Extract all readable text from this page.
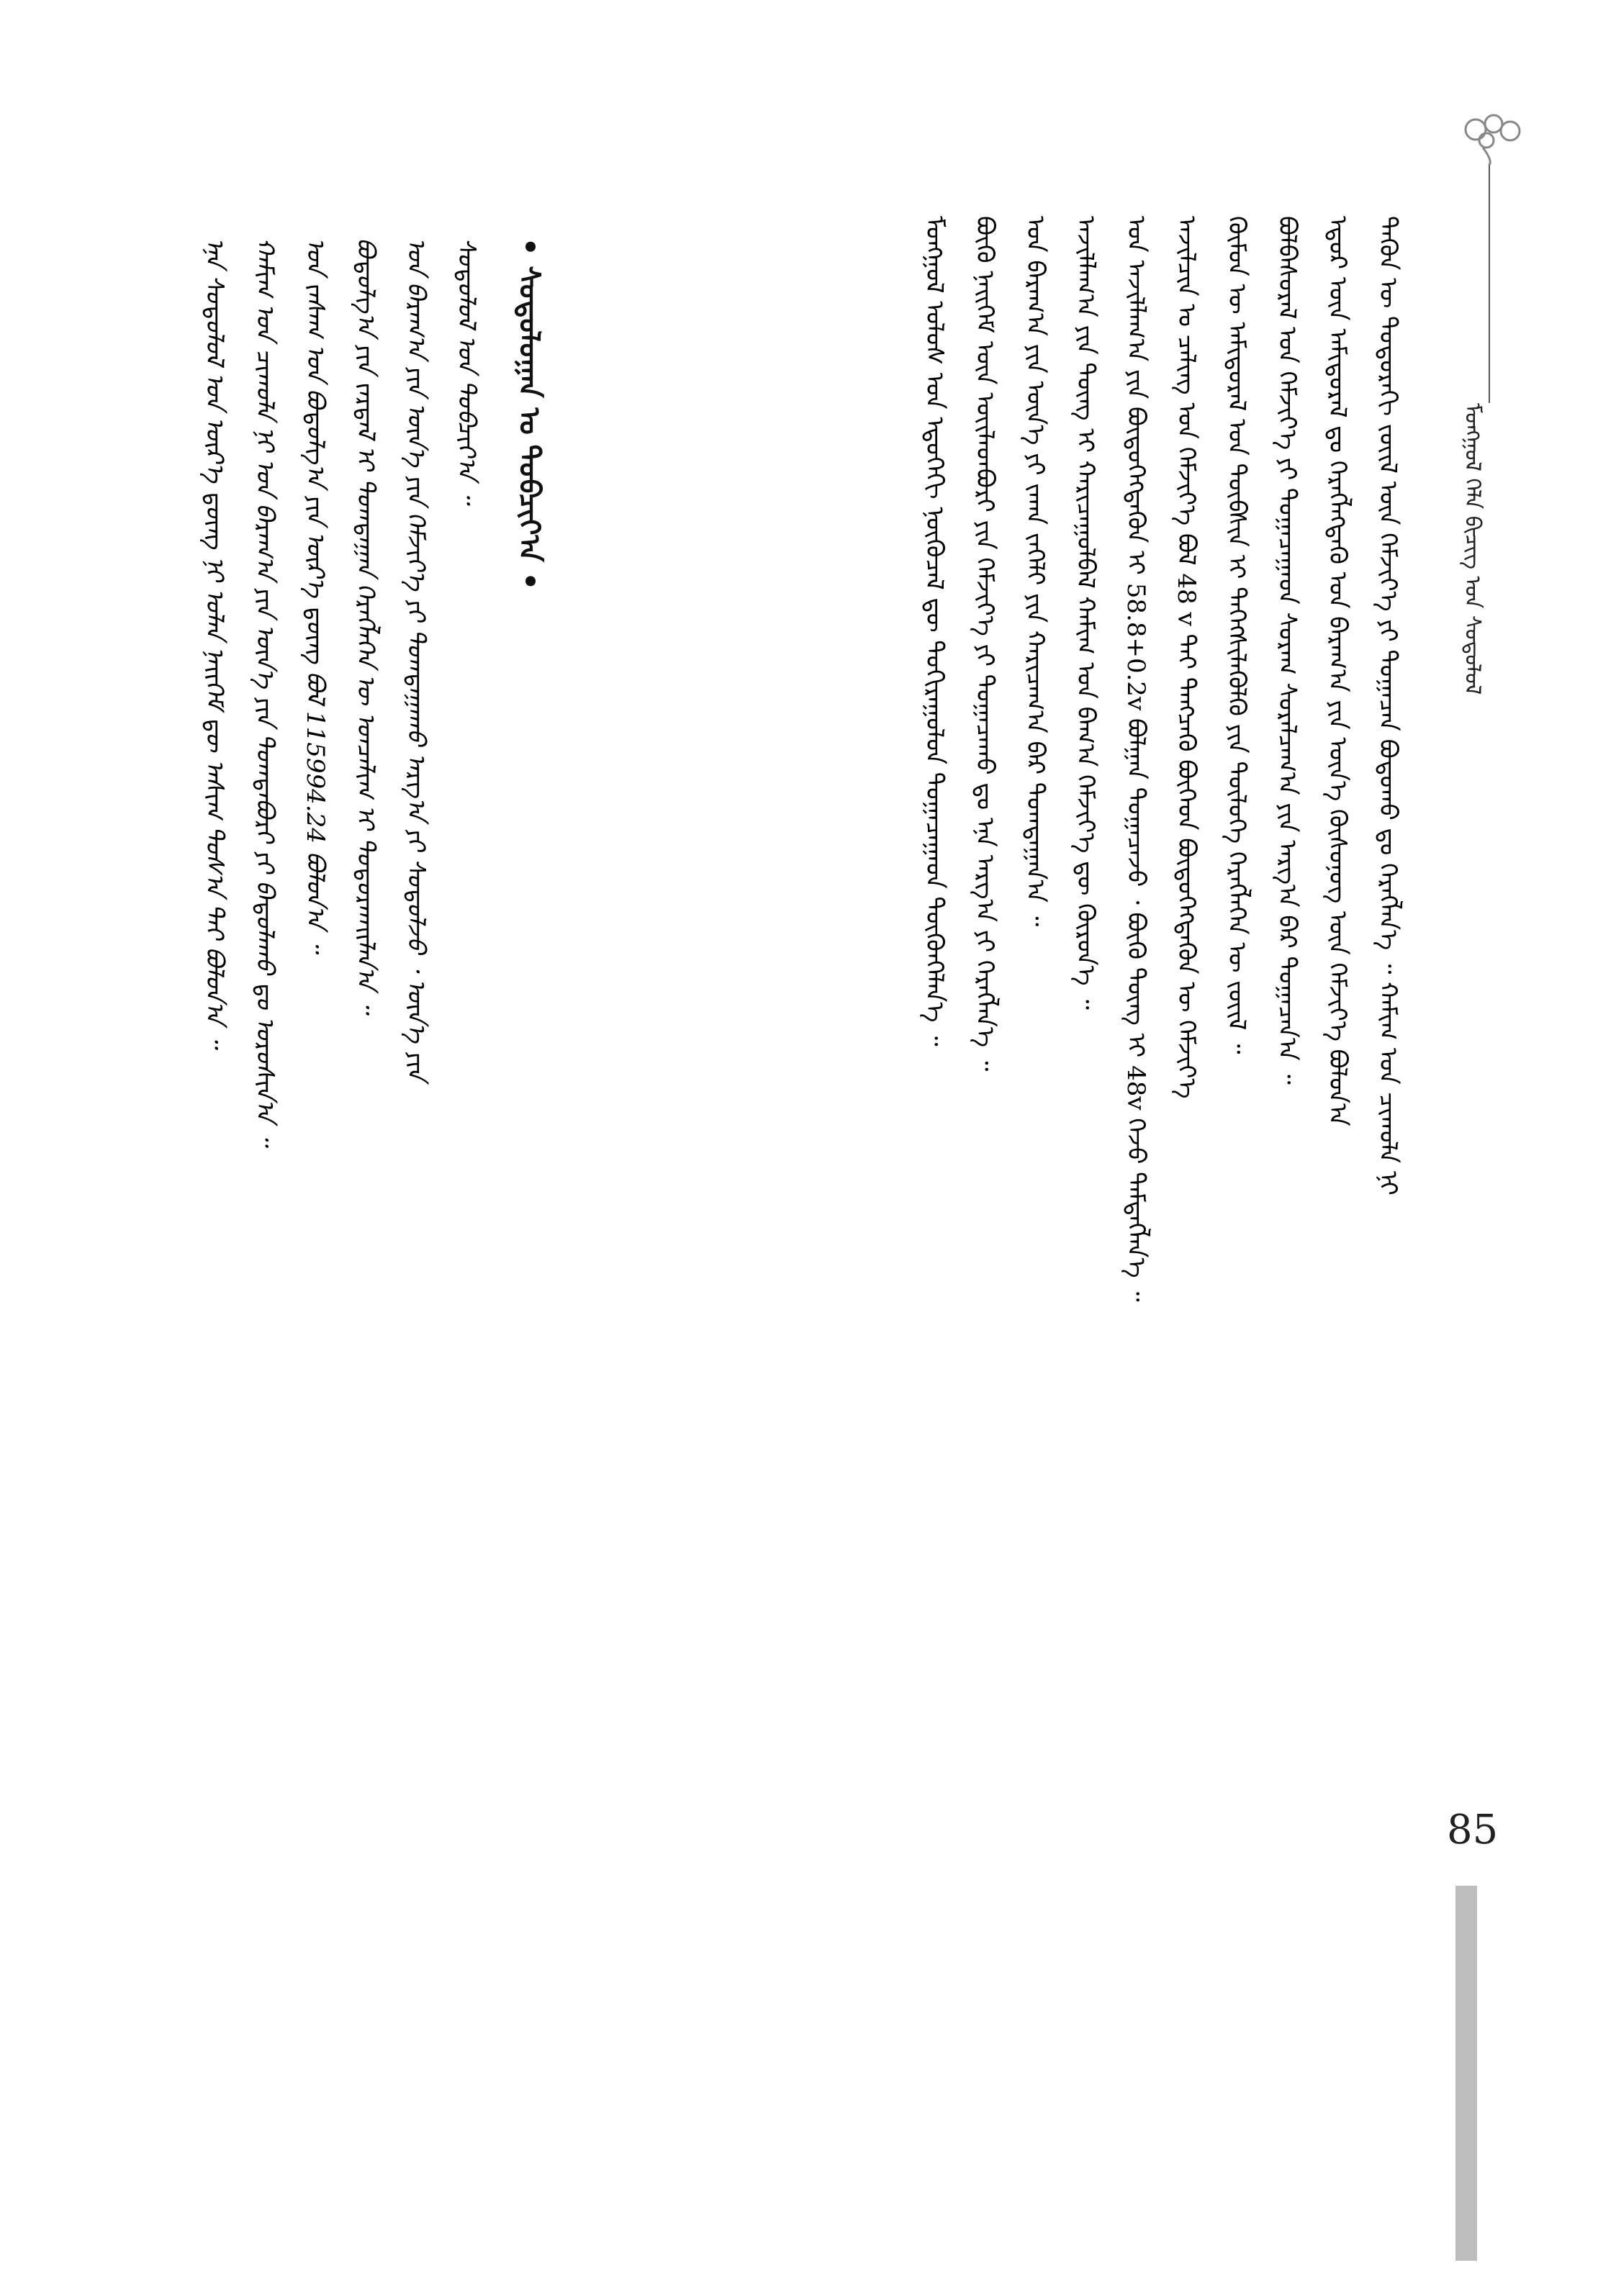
ᠮᠣᠩᠭᠣᠯ ᠬᠡᠯᠡ ᠪᠢᠴᠢᠭ ᠤᠨ ᠰᠤᠳᠤᠯᠤᠯ
ᠲᠡᠭᠦᠨ ᠦ ᠳᠣᠲᠣᠷᠠᠬᠢ ᠵᠦᠢᠯ ᠦᠨ ᠬᠡᠮᠵᠢᠶ᠎ᠡ ᠶᠢ ᠲᠣᠭᠠᠴᠠᠨ ᠪᠣᠳᠣᠬᠤ ᠳᠤ ᠬᠡᠷᠡᠭᠯᠡᠨ᠎ᠡ ᠃ ᠬᠠᠮᠢᠭ ᠤᠨ ᠴᠢᠬᠤᠯᠠ ᠨᠢ
ᠡᠳᠦᠷ ᠦᠨ ᠠᠮᠢᠳᠤᠷᠠᠯ ᠳᠤ ᠬᠡᠷᠡᠭᠯᠡᠭᠳᠡᠬᠦ ᠡᠳ ᠪᠠᠷᠠᠭ᠎ᠠ ᠶᠢᠨ ᠦᠨ᠎ᠡ ᠬᠦᠰᠦᠨᠦᠭ ᠦᠨ ᠬᠡᠮᠵᠢᠶ᠎ᠡ ᠪᠣᠯᠤᠨ᠎ᠠ
ᠪᠣᠯᠪᠠᠰᠤᠷᠠᠯ ᠤᠨ ᠬᠡᠮᠵᠢᠶ᠎ᠡ ᠶᠢ ᠲᠣᠭᠠᠴᠠᠭᠠᠳ ᠰᠤᠷᠠᠭ ᠰᠤᠷᠠᠯᠴᠠᠭ᠎ᠠ ᠶᠢᠨ ᠠᠷᠭ᠎ᠠ ᠪᠠᠷ ᠲᠣᠭᠠᠴᠠᠨ᠎ᠠ ᠃
ᠬᠦᠮᠦᠨ ᠦ ᠠᠮᠢᠳᠤᠷᠠᠯ ᠤᠨ ᠲᠦᠪᠰᠢᠨ ᠢ ᠳᠡᠭᠡᠭᠰᠢᠯᠡᠭᠦᠯᠬᠦ ᠶᠢᠨ ᠲᠥᠯᠦᠭᠡ ᠬᠡᠷᠡᠭᠯᠡᠭᠡᠨ ᠦ ᠵᠦᠢᠯ ᠃
ᠠᠵᠢᠯᠴᠢᠨ ᠤ ᠴᠠᠯᠢᠩ ᠤᠨ ᠬᠡᠮᠵᠢᠶ᠎ᠡ ᠪᠣᠯ 48 v ᠲᠡᠢ ᠲᠡᠩᠴᠡᠬᠦ ᠪᠥᠭᠡᠳ ᠪᠦᠲᠦᠭᠡᠭᠳᠡᠬᠦᠨ ᠦ ᠬᠡᠮᠵᠢᠶ᠎ᠡ
ᠡᠳ ᠠᠵᠢᠯᠯᠠᠭ᠎ᠠ ᠶᠢᠨ ᠪᠦᠲᠦᠭᠡᠭᠳᠡᠬᠦᠨ ᠢ 58.8+0.2v ᠪᠣᠯᠭᠠᠨ ᠲᠣᠭᠠᠴᠠᠵᠤ ᠂ ᠪᠦᠬᠦ ᠳᠦᠩ ᠢ 48v ᠭᠡᠵᠦ ᠲᠡᠮᠳᠡᠭᠯᠡᠨ᠎ᠡ ᠃
ᠠᠵᠢᠯᠯᠠᠭ᠎ᠠ ᠶᠢᠨ ᠳᠦᠩ ᠢ ᠬᠠᠷᠢᠴᠠᠭᠤᠯᠪᠠᠯ ᠬᠠᠮᠢᠭ ᠤᠨ ᠪᠠᠭ᠎ᠠ ᠬᠡᠮᠵᠢᠶ᠎ᠡ ᠳᠦ ᠬᠦᠷᠦᠨ᠎ᠡ ᠃
ᠡᠳ ᠪᠠᠷᠠᠭ᠎ᠠ ᠶᠢᠨ ᠦᠨ᠎ᠡ ᠶᠢ ᠵᠠᠬᠠ ᠵᠡᠭᠡᠯᠢ ᠶᠢᠨ ᠬᠠᠷᠢᠴᠠᠭ᠎ᠠ ᠪᠠᠷ ᠲᠣᠭᠲᠠᠭᠠᠨ᠎ᠠ ᠃
ᠪᠦᠬᠦ ᠨᠡᠢᠭᠡᠮ ᠦᠨ ᠦᠢᠯᠡᠳᠪᠦᠷᠢ ᠶᠢᠨ ᠬᠡᠮᠵᠢᠶ᠎ᠡ ᠶᠢ ᠲᠣᠭᠠᠴᠠᠬᠤ ᠳᠤ ᠡᠨᠡ ᠠᠷᠭ᠎ᠠ ᠶᠢ ᠬᠡᠷᠡᠭᠯᠡᠨ᠎ᠡ ᠃
ᠮᠣᠩᠭᠣᠯ ᠤᠯᠤᠰ ᠤᠨ ᠡᠳᠦᠭᠡᠬᠢ ᠨᠥᠬᠦᠴᠡᠯ ᠳᠦ ᠲᠣᠬᠢᠷᠠᠭᠤᠯᠤᠨ ᠲᠣᠭᠠᠴᠠᠭᠠᠳ ᠳᠦᠭᠦᠨᠭᠡᠯᠡᠨ᠎ᠡ ᠃
• ᠰᠤᠳᠤᠯᠤᠭᠠᠨ ᠤ ᠲᠣᠪᠴᠢᠶ᠎ᠠ •
ᠰᠤᠳᠤᠯᠤᠯ ᠤᠨ ᠲᠣᠪᠴᠢᠶ᠎ᠠ ᠃
ᠡᠳ ᠪᠠᠷᠠᠭ᠎ᠠ ᠶᠢᠨ ᠦᠨ᠎ᠡ ᠶᠢᠨ ᠬᠡᠮᠵᠢᠶ᠎ᠡ ᠶᠢ ᠲᠣᠭᠲᠠᠭᠠᠬᠤ ᠠᠷᠭ᠎ᠠ ᠶᠢ ᠰᠤᠳᠤᠯᠵᠤ ᠂ ᠦᠨ᠎ᠡ ᠶᠢᠨ
ᠪᠣᠳᠣᠯᠭ᠎ᠠ ᠶᠢᠨ ᠵᠠᠷᠳᠠᠯ ᠢ ᠲᠣᠭᠲᠠᠭᠠᠨ ᠬᠡᠷᠡᠭᠯᠡᠭᠡᠨ ᠦ ᠣᠨᠴᠠᠯᠢᠭ ᠢ ᠲᠣᠳᠣᠷᠬᠠᠢᠯᠠᠨ᠎ᠠ ᠃
ᠡᠳ ᠵᠠᠰᠠᠭ ᠤᠨ ᠪᠣᠳᠣᠯᠭ᠎ᠠ ᠶᠢᠨ ᠦᠷ᠎ᠡ ᠳ᠋ᠦᠩ ᠪᠣᠯ 115994.24 ᠪᠣᠯᠤᠨ᠎ᠠ ᠃
ᠬᠠᠮᠢᠭ ᠤᠨ ᠴᠢᠬᠤᠯᠠ ᠨᠢ ᠡᠳ ᠪᠠᠷᠠᠭ᠎ᠠ ᠶᠢᠨ ᠦᠨ᠎ᠡ ᠶᠢᠨ ᠲᠣᠭᠲᠠᠪᠤᠷᠢ ᠶᠢ ᠪᠠᠲᠤᠯᠠᠬᠤ ᠳᠤ ᠣᠷᠣᠰᠢᠨ᠎ᠠ ᠃
ᠡᠨᠡ ᠰᠤᠳᠤᠯᠤᠯ ᠤᠨ ᠦᠷ᠎ᠡ ᠳ᠋ᠦᠩ ᠨᠢ ᠣᠯᠠᠨ ᠨᠡᠢᠭᠡᠮ ᠳᠦ ᠠᠰᠢᠭ ᠲᠤᠰ᠎ᠠ ᠲᠠᠢ ᠪᠣᠯᠤᠨ᠎ᠠ ᠃
85
